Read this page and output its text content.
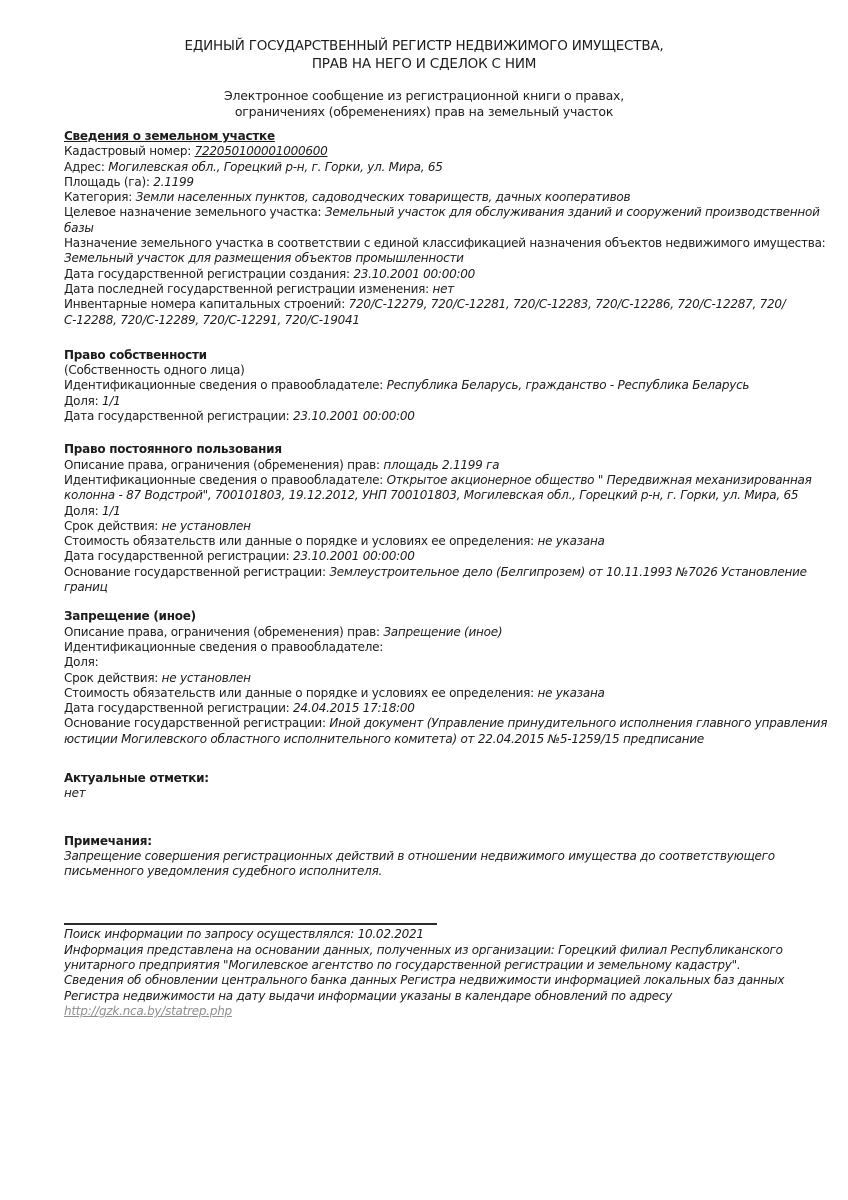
ЕДИНЫЙ ГОСУДАРСТВЕННЫЙ РЕГИСТР НЕДВИЖИМОГО ИМУЩЕСТВА,
ПРАВ НА НЕГО И СДЕЛОК С НИМ
Электронное сообщение из регистрационной книги о правах,
ограничениях (обременениях) прав на земельный участок
Сведения о земельном участке
Кадастровый номер: 722050100001000600
Адрес: Могилевская обл., Горецкий р-н, г. Горки, ул. Мира, 65
Площадь (га): 2.1199
Категория: Земли населенных пунктов, садоводческих товариществ, дачных кооперативов
Целевое назначение земельного участка: Земельный участок для обслуживания зданий и сооружений производственной базы
Назначение земельного участка в соответствии с единой классификацией назначения объектов недвижимого имущества: Земельный участок для размещения объектов промышленности
Дата государственной регистрации создания: 23.10.2001 00:00:00
Дата последней государственной регистрации изменения: нет
Инвентарные номера капитальных строений: 720/С-12279, 720/С-12281, 720/С-12283, 720/С-12286, 720/С-12287, 720/С-12288, 720/С-12289, 720/С-12291, 720/С-19041
Право собственности
(Собственность одного лица)
Идентификационные сведения о правообладателе: Республика Беларусь, гражданство - Республика Беларусь
Доля: 1/1
Дата государственной регистрации: 23.10.2001 00:00:00
Право постоянного пользования
Описание права, ограничения (обременения) прав: площадь 2.1199 га
Идентификационные сведения о правообладателе: Открытое акционерное общество " Передвижная механизированная колонна - 87 Водстрой", 700101803, 19.12.2012, УНП 700101803, Могилевская обл., Горецкий р-н, г. Горки, ул. Мира, 65
Доля: 1/1
Срок действия: не установлен
Стоимость обязательств или данные о порядке и условиях ее определения: не указана
Дата государственной регистрации: 23.10.2001 00:00:00
Основание государственной регистрации: Землеустроительное дело (Белгипрозем) от 10.11.1993 №7026 Установление границ
Запрещение (иное)
Описание права, ограничения (обременения) прав: Запрещение (иное)
Идентификационные сведения о правообладателе:
Доля:
Срок действия: не установлен
Стоимость обязательств или данные о порядке и условиях ее определения: не указана
Дата государственной регистрации: 24.04.2015 17:18:00
Основание государственной регистрации: Иной документ (Управление принудительного исполнения главного управления юстиции Могилевского областного исполнительного комитета) от 22.04.2015 №5-1259/15 предписание
Актуальные отметки:
нет
Примечания:
Запрещение совершения регистрационных действий в отношении недвижимого имущества до соответствующего письменного уведомления судебного исполнителя.
Поиск информации по запросу осуществлялся: 10.02.2021
Информация представлена на основании данных, полученных из организации: Горецкий филиал Республиканского унитарного предприятия "Могилевское агентство по государственной регистрации и земельному кадастру".
Сведения об обновлении центрального банка данных Регистра недвижимости информацией локальных баз данных Регистра недвижимости на дату выдачи информации указаны в календаре обновлений по адресу
http://gzk.nca.by/statrep.php
